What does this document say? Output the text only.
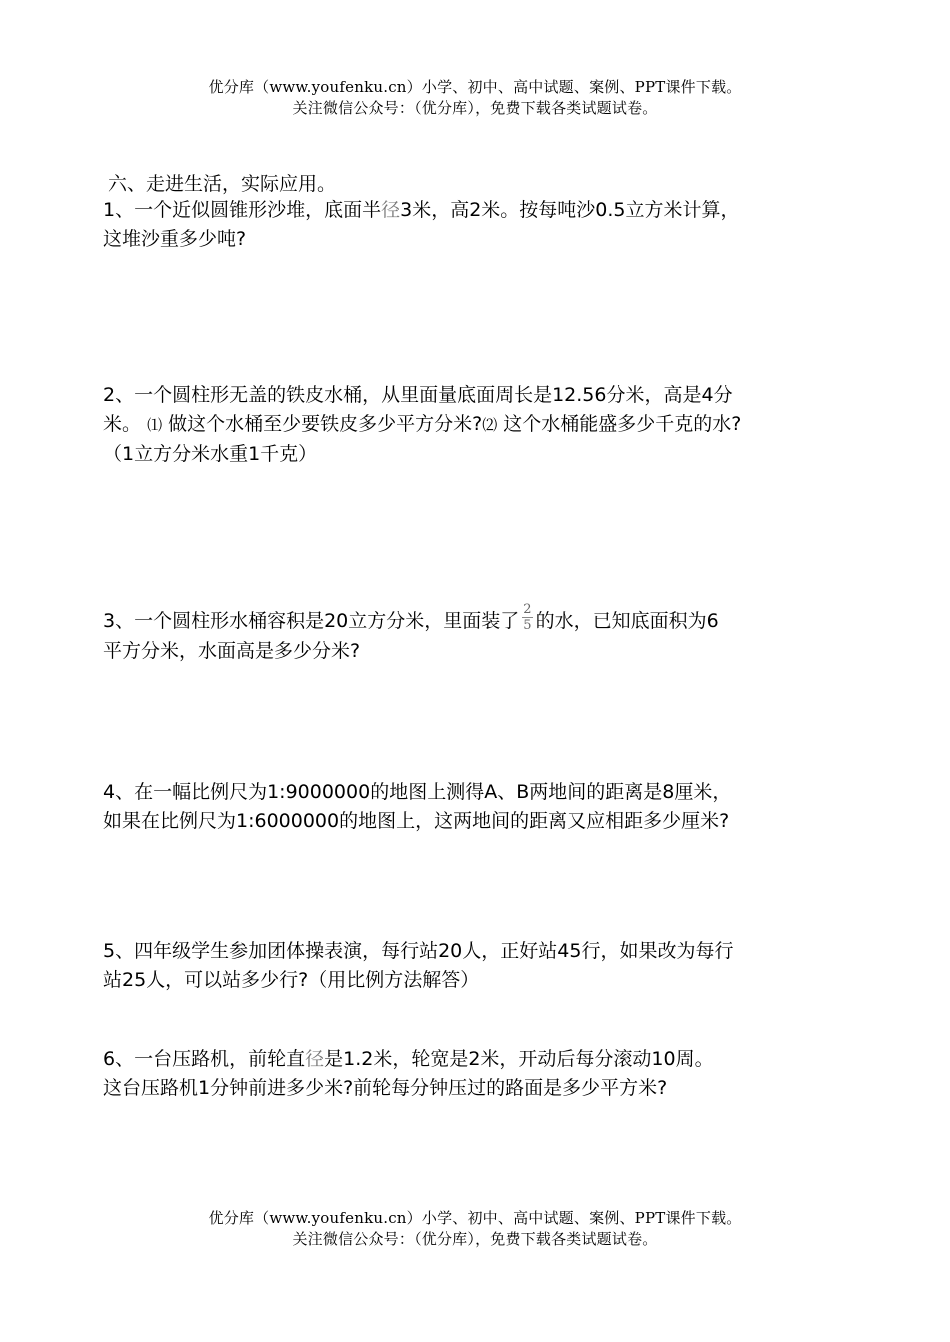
优分库（www.youfenku.cn）小学、初中、高中试题、案例、PPT课件下载。
关注微信公众号：（优分库），免费下载各类试题试卷。
六、走进生活，实际应用。
1、一个近似圆锥形沙堆，底面半径3米，高2米。按每吨沙0.5立方米计算，
这堆沙重多少吨?
2、一个圆柱形无盖的铁皮水桶，从里面量底面周长是12.56分米，高是4分
米。 ⑴ 做这个水桶至少要铁皮多少平方分米?⑵ 这个水桶能盛多少千克的水?
（1立方分米水重1千克）
3、一个圆柱形水桶容积是20立方分米，里面装了 $\frac{2}{5}$ 的水，已知底面积为6
平方分米，水面高是多少分米?
4、在一幅比例尺为1:9000000的地图上测得A、B两地间的距离是8厘米，
如果在比例尺为1:6000000的地图上，这两地间的距离又应相距多少厘米?
5、四年级学生参加团体操表演，每行站20人，正好站45行，如果改为每行
站25人，可以站多少行?（用比例方法解答）
6、一台压路机，前轮直径是1.2米，轮宽是2米，开动后每分滚动10周。
这台压路机1分钟前进多少米?前轮每分钟压过的路面是多少平方米?
优分库（www.youfenku.cn）小学、初中、高中试题、案例、PPT课件下载。
关注微信公众号：（优分库），免费下载各类试题试卷。
